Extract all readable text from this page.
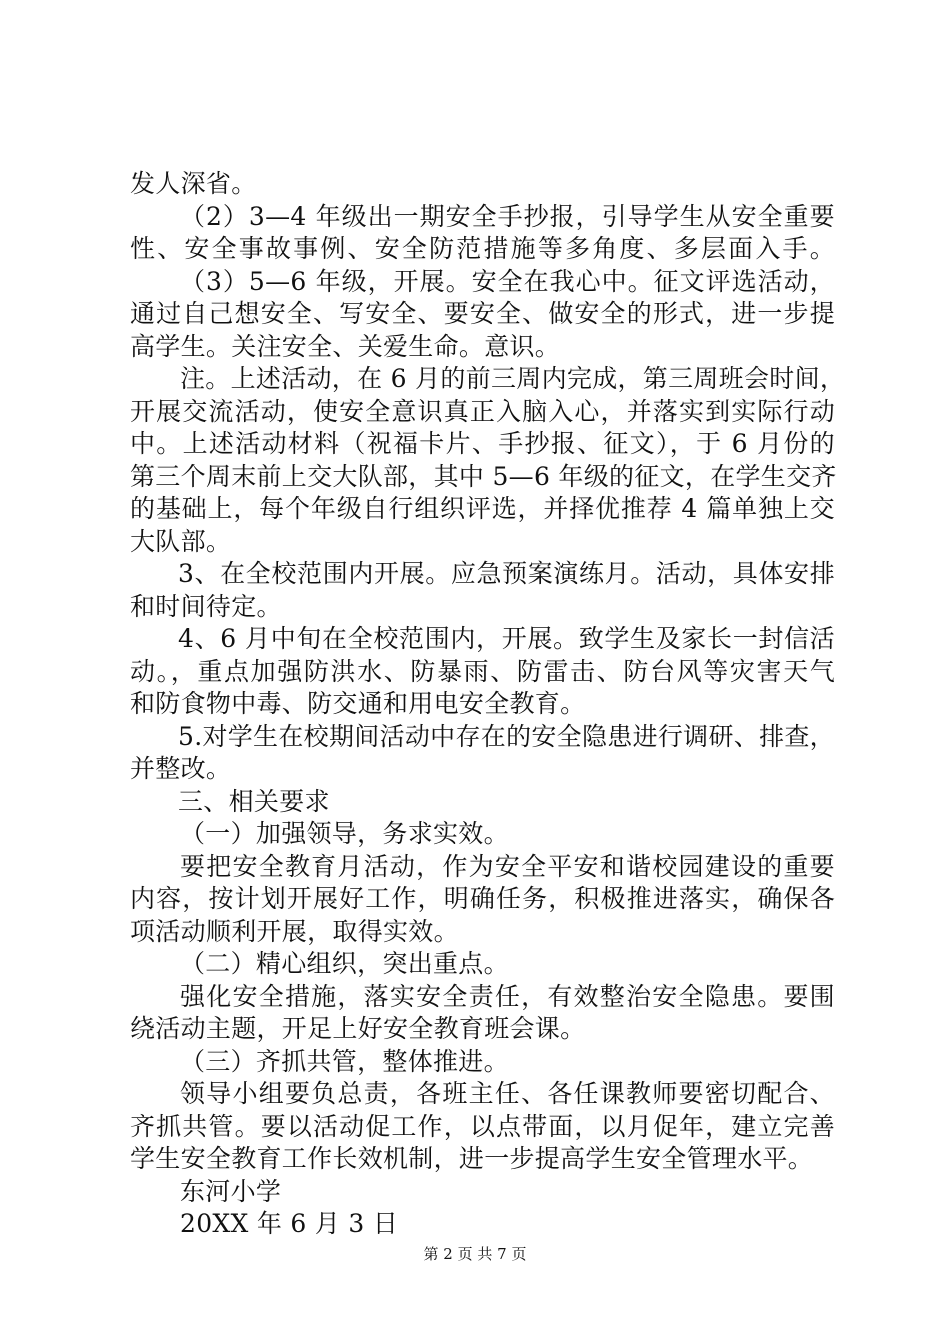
发人深省。
（2）3—4 年级出一期安全手抄报，引导学生从安全重要
性、安全事故事例、安全防范措施等多角度、多层面入手。
（3）5—6 年级，开展。安全在我心中。征文评选活动，
通过自己想安全、写安全、要安全、做安全的形式，进一步提
高学生。关注安全、关爱生命。意识。
注。上述活动，在 6 月的前三周内完成，第三周班会时间，
开展交流活动，使安全意识真正入脑入心，并落实到实际行动
中。上述活动材料（祝福卡片、手抄报、征文），于 6 月份的
第三个周末前上交大队部，其中 5—6 年级的征文，在学生交齐
的基础上，每个年级自行组织评选，并择优推荐 4 篇单独上交
大队部。
3、在全校范围内开展。应急预案演练月。活动，具体安排
和时间待定。
4、6 月中旬在全校范围内，开展。致学生及家长一封信活
动。，重点加强防洪水、防暴雨、防雷击、防台风等灾害天气
和防食物中毒、防交通和用电安全教育。
5.对学生在校期间活动中存在的安全隐患进行调研、排查，
并整改。
三、相关要求
（一）加强领导，务求实效。
要把安全教育月活动，作为安全平安和谐校园建设的重要
内容，按计划开展好工作，明确任务，积极推进落实，确保各
项活动顺利开展，取得实效。
（二）精心组织，突出重点。
强化安全措施，落实安全责任，有效整治安全隐患。要围
绕活动主题，开足上好安全教育班会课。
（三）齐抓共管，整体推进。
领导小组要负总责，各班主任、各任课教师要密切配合、
齐抓共管。要以活动促工作，以点带面，以月促年，建立完善
学生安全教育工作长效机制，进一步提高学生安全管理水平。
东河小学
20XX 年 6 月 3 日
第 2 页 共 7 页
